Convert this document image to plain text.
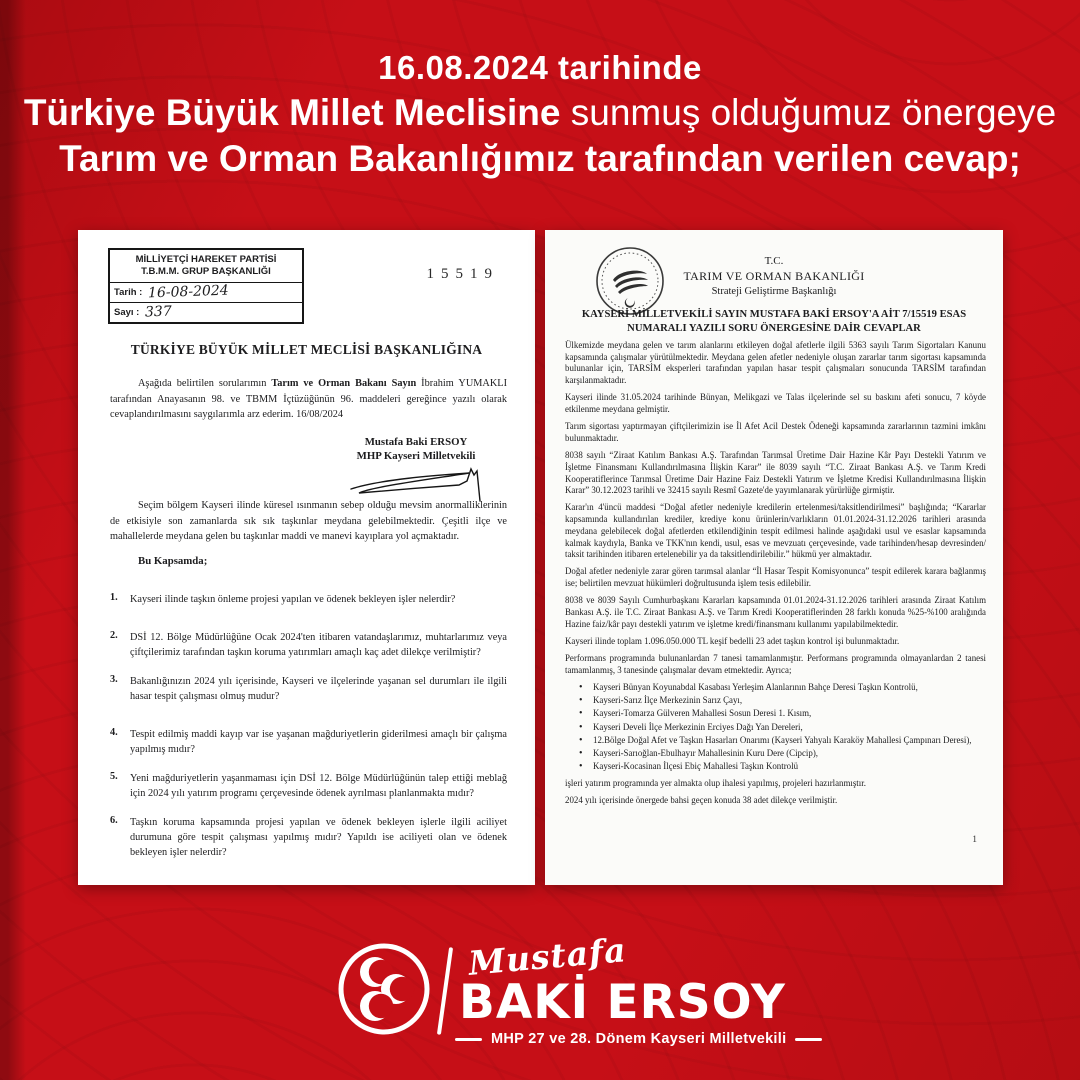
16.08.2024 tarihinde
Türkiye Büyük Millet Meclisine sunmuş olduğumuz önergeye
Tarım ve Orman Bakanlığımız tarafından verilen cevap;
MİLLİYETÇİ HAREKET PARTİSİ
T.B.M.M. GRUP BAŞKANLIĞI
Tarih : 16-08-2024
Sayı : 337
15519
TÜRKİYE BÜYÜK MİLLET MECLİSİ BAŞKANLIĞINA
Aşağıda belirtilen sorularımın Tarım ve Orman Bakanı Sayın İbrahim YUMAKLI tarafından Anayasanın 98. ve TBMM İçtüzüğünün 96. maddeleri gereğince yazılı olarak cevaplandırılmasını saygılarımla arz ederim. 16/08/2024
Mustafa Baki ERSOY
MHP Kayseri Milletvekili
Seçim bölgem Kayseri ilinde küresel ısınmanın sebep olduğu mevsim anormalliklerinin de etkisiyle son zamanlarda sık sık taşkınlar meydana gelebilmektedir. Çeşitli ilçe ve mahallelerde meydana gelen bu taşkınlar maddi ve manevi kayıplara yol açmaktadır.
Bu Kapsamda;
1.	Kayseri ilinde taşkın önleme projesi yapılan ve ödenek bekleyen işler nelerdir?
2.	DSİ 12. Bölge Müdürlüğüne Ocak 2024'ten itibaren vatandaşlarımız, muhtarlarımız veya çiftçilerimiz tarafından taşkın koruma yatırımları amaçlı kaç adet dilekçe verilmiştir?
3.	Bakanlığınızın 2024 yılı içerisinde, Kayseri ve ilçelerinde yaşanan sel durumları ile ilgili hasar tespit çalışması olmuş mudur?
4.	Tespit edilmiş maddi kayıp var ise yaşanan mağduriyetlerin giderilmesi amaçlı bir çalışma yapılmış mıdır?
5.	Yeni mağduriyetlerin yaşanmaması için DSİ 12. Bölge Müdürlüğünün talep ettiği meblağ için 2024 yılı yatırım programı çerçevesinde ödenek ayrılması planlanmakta mıdır?
6.	Taşkın koruma kapsamında projesi yapılan ve ödenek bekleyen işlerle ilgili aciliyet durumuna göre tespit çalışması yapılmış mıdır? Yapıldı ise aciliyeti olan ve ödenek bekleyen işler nelerdir?
T.C.
TARIM VE ORMAN BAKANLIĞI
Strateji Geliştirme Başkanlığı
KAYSERİ MİLLETVEKİLİ SAYIN MUSTAFA BAKİ ERSOY'A AİT 7/15519 ESAS NUMARALI YAZILI SORU ÖNERGESİNE DAİR CEVAPLAR

Ülkemizde meydana gelen ve tarım alanlarını etkileyen doğal afetlerle ilgili 5363 sayılı Tarım Sigortaları Kanunu kapsamında çalışmalar yürütülmektedir. Meydana gelen afetler nedeniyle oluşan zararlar tarım sigortası kapsamında bulunanlar için, TARSİM eksperleri tarafından yapılan hasar tespit çalışmaları sonucunda TARSİM tarafından karşılanmaktadır.

Kayseri ilinde 31.05.2024 tarihinde Bünyan, Melikgazi ve Talas ilçelerinde sel su baskını afeti sonucu, 7 köyde etkilenme meydana gelmiştir.

Tarım sigortası yaptırmayan çiftçilerimizin ise İl Afet Acil Destek Ödeneği kapsamında zararlarının tazmini imkânı bulunmaktadır.

8038 sayılı “Ziraat Katılım Bankası A.Ş. Tarafından Tarımsal Üretime Dair Hazine Kâr Payı Destekli Yatırım ve İşletme Finansmanı Kullandırılmasına İlişkin Karar” ile 8039 sayılı “T.C. Ziraat Bankası A.Ş. ve Tarım Kredi Kooperatiflerince Tarımsal Üretime Dair Hazine Faiz Destekli Yatırım ve İşletme Kredisi Kullandırılmasına İlişkin Karar” 30.12.2023 tarihli ve 32415 sayılı Resmî Gazete'de yayımlanarak yürürlüğe girmiştir.

Karar'ın 4'üncü maddesi “Doğal afetler nedeniyle kredilerin ertelenmesi/taksitlendirilmesi” başlığında; “Kararlar kapsamında kullandırılan krediler, krediye konu ürünlerin/varlıkların 01.01.2024-31.12.2026 tarihleri arasında meydana gelebilecek doğal afetlerden etkilendiğinin tespit edilmesi halinde aşağıdaki usul ve esaslar kapsamında kalmak kaydıyla, Banka ve TKK'nın kendi, usul, esas ve mevzuatı çerçevesinde, vade tarihinden/hesap devresinden/ taksit tarihinden itibaren ertelenebilir ya da taksitlendirilebilir.” hükmü yer almaktadır.

Doğal afetler nedeniyle zarar gören tarımsal alanlar “İl Hasar Tespit Komisyonunca” tespit edilerek karara bağlanmış ise; belirtilen mevzuat hükümleri doğrultusunda işlem tesis edilebilir.

8038 ve 8039 Sayılı Cumhurbaşkanı Kararları kapsamında 01.01.2024-31.12.2026 tarihleri arasında Ziraat Katılım Bankası A.Ş. ile T.C. Ziraat Bankası A.Ş. ve Tarım Kredi Kooperatiflerinden 28 farklı konuda %25-%100 aralığında Hazine faiz/kâr payı destekli yatırım ve işletme kredi/finansmanı kullanımı yapılabilmektedir.

Kayseri ilinde toplam 1.096.050.000 TL keşif bedelli 23 adet taşkın kontrol işi bulunmaktadır.

Performans programında bulunanlardan 7 tanesi tamamlanmıştır. Performans programında olmayanlardan 2 tanesi tamamlanmış, 3 tanesinde çalışmalar devam etmektedir. Ayrıca;

• Kayseri Bünyan Koyunabdal Kasabası Yerleşim Alanlarının Bahçe Deresi Taşkın Kontrolü,
• Kayseri-Sarız İlçe Merkezinin Sarız Çayı,
• Kayseri-Tomarza Gülveren Mahallesi Sosun Deresi 1. Kısım,
• Kayseri Develi İlçe Merkezinin Erciyes Dağı Yan Dereleri,
• 12.Bölge Doğal Afet ve Taşkın Hasarları Onarımı (Kayseri Yahyalı Karaköy Mahallesi Çampınarı Deresi),
• Kayseri-Sarıoğlan-Ebulhayır Mahallesinin Kuru Dere (Cipcip),
• Kayseri-Kocasinan İlçesi Ebiç Mahallesi Taşkın Kontrolü

işleri yatırım programında yer almakta olup ihalesi yapılmış, projeleri hazırlanmıştır.

2024 yılı içerisinde önergede bahsi geçen konuda 38 adet dilekçe verilmiştir.

1
Mustafa
BAKİ ERSOY
MHP 27 ve 28. Dönem Kayseri Milletvekili
